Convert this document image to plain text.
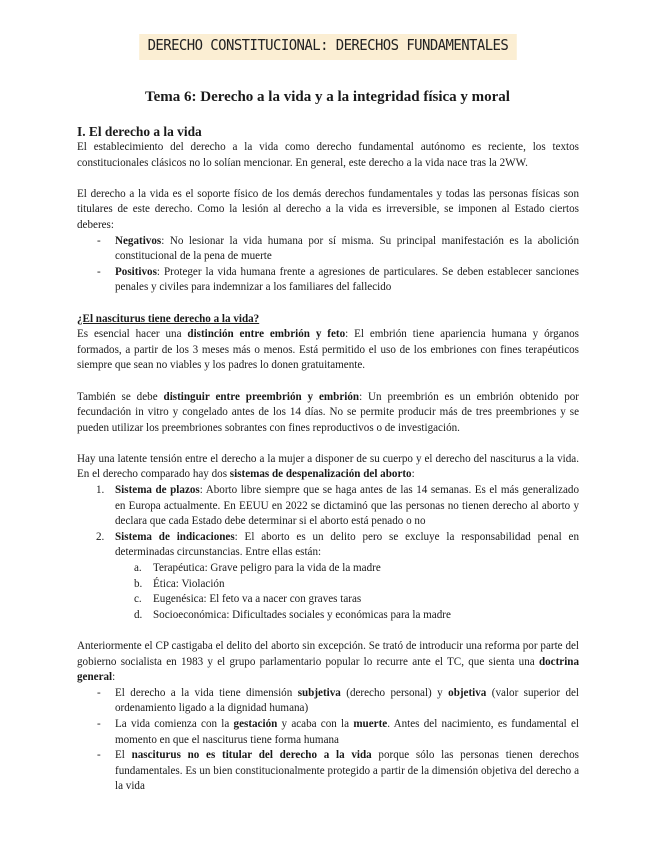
DERECHO CONSTITUCIONAL: DERECHOS FUNDAMENTALES
Tema 6: Derecho a la vida y a la integridad física y moral
I. El derecho a la vida

El establecimiento del derecho a la vida como derecho fundamental autónomo es reciente, los textos constitucionales clásicos no lo solían mencionar. En general, este derecho a la vida nace tras la 2WW.

El derecho a la vida es el soporte físico de los demás derechos fundamentales y todas las personas físicas son titulares de este derecho. Como la lesión al derecho a la vida es irreversible, se imponen al Estado ciertos deberes:

- Negativos: No lesionar la vida humana por sí misma. Su principal manifestación es la abolición constitucional de la pena de muerte
- Positivos: Proteger la vida humana frente a agresiones de particulares. Se deben establecer sanciones penales y civiles para indemnizar a los familiares del fallecido

¿El nasciturus tiene derecho a la vida?

Es esencial hacer una distinción entre embrión y feto: El embrión tiene apariencia humana y órganos formados, a partir de los 3 meses más o menos. Está permitido el uso de los embriones con fines terapéuticos siempre que sean no viables y los padres lo donen gratuitamente.

También se debe distinguir entre preembrión y embrión: Un preembrión es un embrión obtenido por fecundación in vitro y congelado antes de los 14 días. No se permite producir más de tres preembriones y se pueden utilizar los preembriones sobrantes con fines reproductivos o de investigación.

Hay una latente tensión entre el derecho a la mujer a disponer de su cuerpo y el derecho del nasciturus a la vida. En el derecho comparado hay dos sistemas de despenalización del aborto:

1. Sistema de plazos: Aborto libre siempre que se haga antes de las 14 semanas. Es el más generalizado en Europa actualmente. En EEUU en 2022 se dictaminó que las personas no tienen derecho al aborto y declara que cada Estado debe determinar si el aborto está penado o no
2. Sistema de indicaciones: El aborto es un delito pero se excluye la responsabilidad penal en determinadas circunstancias. Entre ellas están:
a. Terapéutica: Grave peligro para la vida de la madre
b. Ética: Violación
c. Eugenésica: El feto va a nacer con graves taras
d. Socioeconómica: Dificultades sociales y económicas para la madre

Anteriormente el CP castigaba el delito del aborto sin excepción. Se trató de introducir una reforma por parte del gobierno socialista en 1983 y el grupo parlamentario popular lo recurre ante el TC, que sienta una doctrina general:

- El derecho a la vida tiene dimensión subjetiva (derecho personal) y objetiva (valor superior del ordenamiento ligado a la dignidad humana)
- La vida comienza con la gestación y acaba con la muerte. Antes del nacimiento, es fundamental el momento en que el nasciturus tiene forma humana
- El nasciturus no es titular del derecho a la vida porque sólo las personas tienen derechos fundamentales. Es un bien constitucionalmente protegido a partir de la dimensión objetiva del derecho a la vida
